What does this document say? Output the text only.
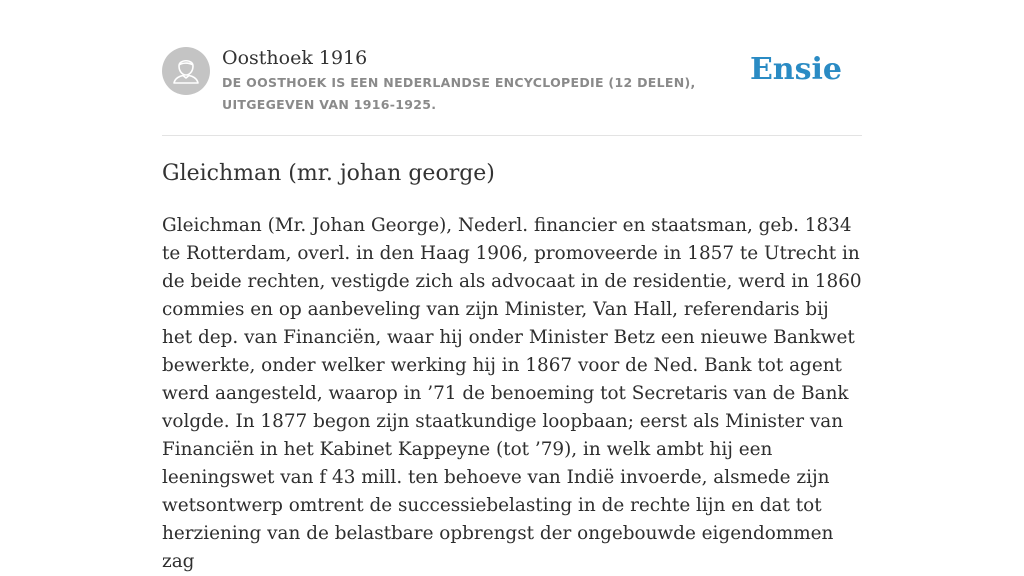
Oosthoek 1916
DE OOSTHOEK IS EEN NEDERLANDSE ENCYCLOPEDIE (12 DELEN), UITGEGEVEN VAN 1916-1925.
Ensie
Gleichman (mr. johan george)

Gleichman (Mr. Johan George), Nederl. financier en staatsman, geb. 1834 te Rotterdam, overl. in den Haag 1906, promoveerde in 1857 te Utrecht in de beide rechten, vestigde zich als advocaat in de residentie, werd in 1860 commies en op aanbeveling van zijn Minister, Van Hall, referendaris bij het dep. van Financiën, waar hij onder Minister Betz een nieuwe Bankwet bewerkte, onder welker werking hij in 1867 voor de Ned. Bank tot agent werd aangesteld, waarop in ’71 de benoeming tot Secretaris van de Bank volgde. In 1877 begon zijn staatkundige loopbaan; eerst als Minister van Financiën in het Kabinet Kappeyne (tot ’79), in welk ambt hij een leeningswet van f 43 mill. ten behoeve van Indië invoerde, alsmede zijn wetsontwerp omtrent de successiebelasting in de rechte lijn en dat tot herziening van de belastbare opbrengst der ongebouwde eigendommen zag
